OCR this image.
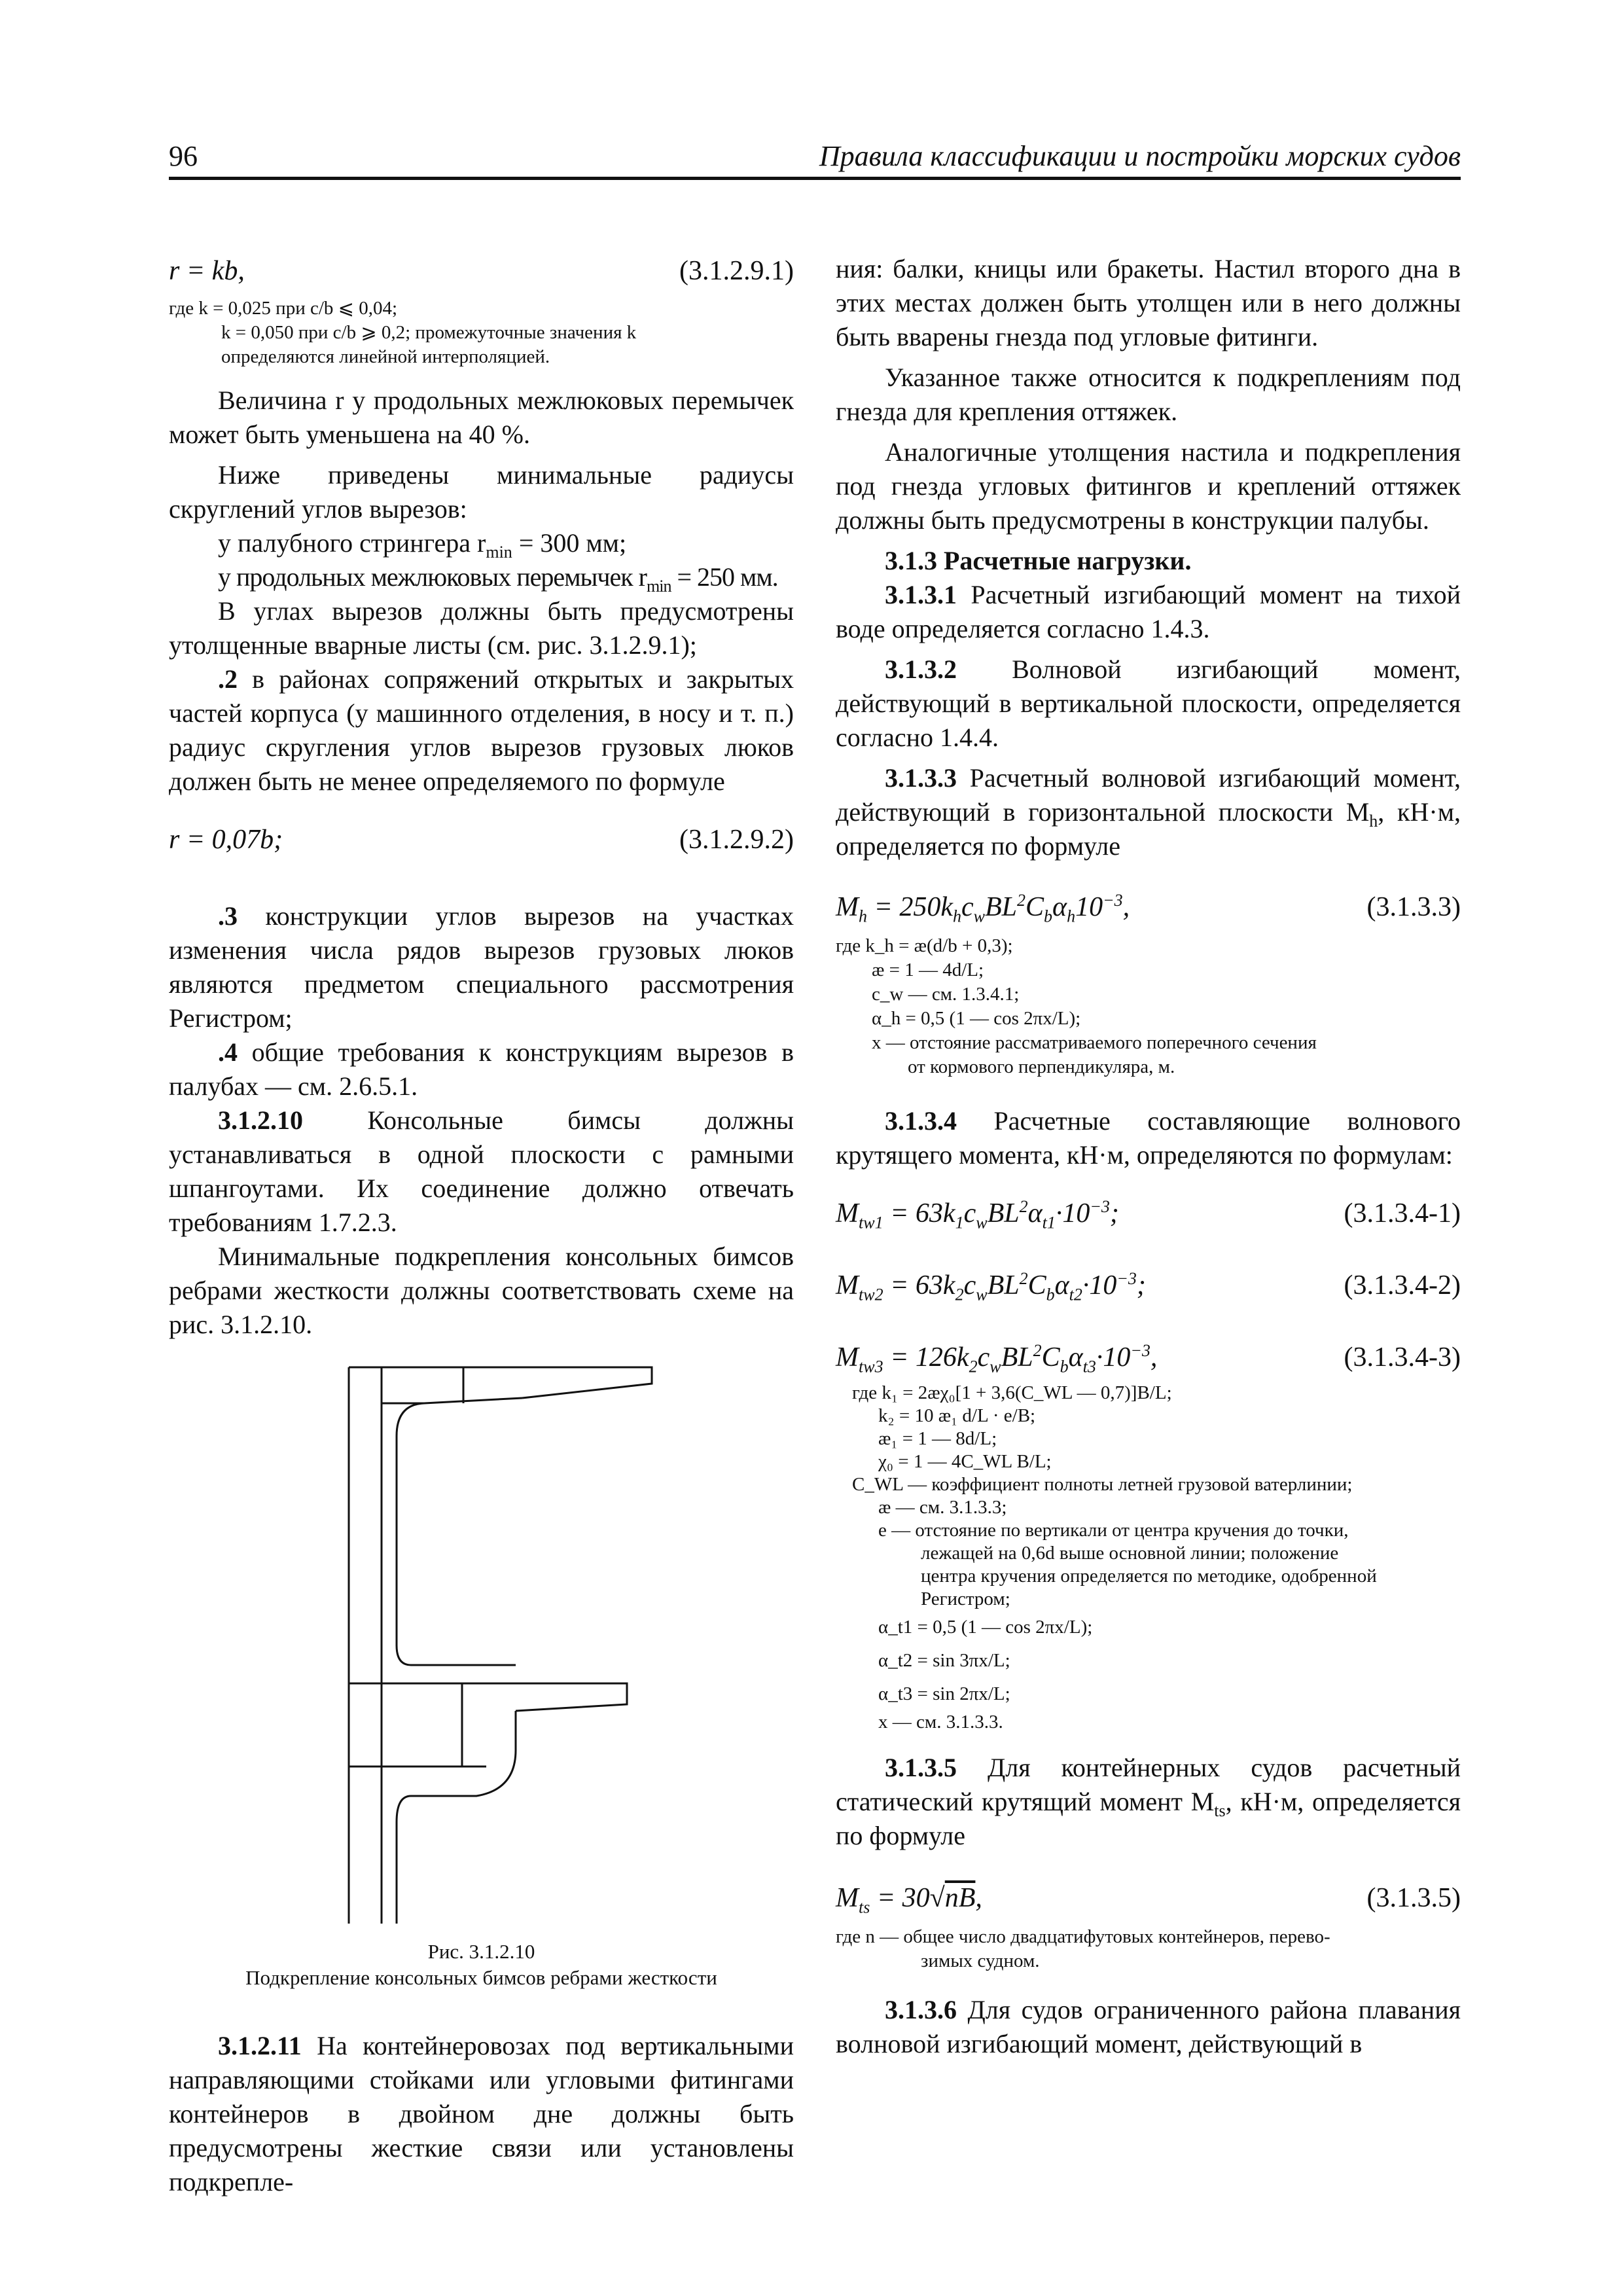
96	Правила классификации и постройки морских судов
r = kb,	(3.1.2.9.1)
где k = 0,025 при c/b ⩽ 0,04;
k = 0,050 при c/b ⩾ 0,2; промежуточные значения k
определяются линейной интерполяцией.

Величина r у продольных межлюковых перемычек может быть уменьшена на 40 %.

Ниже приведены минимальные радиусы скруглений углов вырезов:

у палубного стрингера $r_{min} = 300$ мм;

у продольных межлюковых перемычек $r_{min} = 250$ мм.

В углах вырезов должны быть предусмотрены утолщенные вварные листы (см. рис. 3.1.2.9.1);

.2 в районах сопряжений открытых и закрытых частей корпуса (у машинного отделения, в носу и т. п.) радиус скругления углов вырезов грузовых люков должен быть не менее определяемого по формуле

r = 0,07b;	(3.1.2.9.2)

.3 конструкции углов вырезов на участках изменения числа рядов вырезов грузовых люков являются предметом специального рассмотрения Регистром;

.4 общие требования к конструкциям вырезов в палубах — см. 2.6.5.1.

3.1.2.10 Консольные бимсы должны устанавливаться в одной плоскости с рамными шпангоутами. Их соединение должно отвечать требованиям 1.7.2.3.

Минимальные подкрепления консольных бимсов ребрами жесткости должны соответствовать схеме на рис. 3.1.2.10.

Рис. 3.1.2.10
Подкрепление консольных бимсов ребрами жесткости

3.1.2.11 На контейнеровозах под вертикальными направляющими стойками или угловыми фитингами контейнеров в двойном дне должны быть предусмотрены жесткие связи или установлены подкрепле-

ния: балки, кницы или бракеты. Настил второго дна в этих местах должен быть утолщен или в него должны быть вварены гнезда под угловые фитинги.

Указанное также относится к подкреплениям под гнезда для крепления оттяжек.

Аналогичные утолщения настила и подкрепления под гнезда угловых фитингов и креплений оттяжек должны быть предусмотрены в конструкции палубы.

3.1.3 Расчетные нагрузки.

3.1.3.1 Расчетный изгибающий момент на тихой воде определяется согласно 1.4.3.

3.1.3.2 Волновой изгибающий момент, действующий в вертикальной плоскости, определяется согласно 1.4.4.

3.1.3.3 Расчетный волновой изгибающий момент, действующий в горизонтальной плоскости $M_h$, кН·м, определяется по формуле

$M_h = 250k_hc_wBL^2C_b\alpha_h10^{-3}$,	(3.1.3.3)
где k_h = æ(d/b + 0,3);
æ = 1 — 4d/L;
c_w — см. 1.3.4.1;
α_h = 0,5 (1 — cos 2πx/L);
x — отстояние рассматриваемого поперечного сечения
от кормового перпендикуляра, м.

3.1.3.4 Расчетные составляющие волнового крутящего момента, кН·м, определяются по формулам:

$M_{tw1} = 63k_1c_wBL^2\alpha_{t1}\cdot 10^{-3}$;	(3.1.3.4-1)
$M_{tw2} = 63k_2c_wBL^2C_b\alpha_{t2}\cdot 10^{-3}$;	(3.1.3.4-2)
$M_{tw3} = 126k_2c_wBL^2C_b\alpha_{t3}\cdot 10^{-3}$,	(3.1.3.4-3)
где k₁ = 2æχ₀[1 + 3,6(C_WL — 0,7)]B/L;
k₂ = 10 æ₁ d/L · e/B;
æ₁ = 1 — 8d/L;
χ₀ = 1 — 4C_WL B/L;
C_WL — коэффициент полноты летней грузовой ватерлинии;
æ — см. 3.1.3.3;
e — отстояние по вертикали от центра кручения до точки,
лежащей на 0,6d выше основной линии; положение
центра кручения определяется по методике, одобренной
Регистром;
α_t1 = 0,5 (1 — cos 2πx/L);
α_t2 = sin 3πx/L;
α_t3 = sin 2πx/L;
x — см. 3.1.3.3.

3.1.3.5 Для контейнерных судов расчетный статический крутящий момент $M_{ts}$, кН·м, определяется по формуле

$M_{ts} = 30√nB$,	(3.1.3.5)
где n — общее число двадцатифутовых контейнеров, перево-
зимых судном.

3.1.3.6 Для судов ограниченного района плавания волновой изгибающий момент, действующий в
